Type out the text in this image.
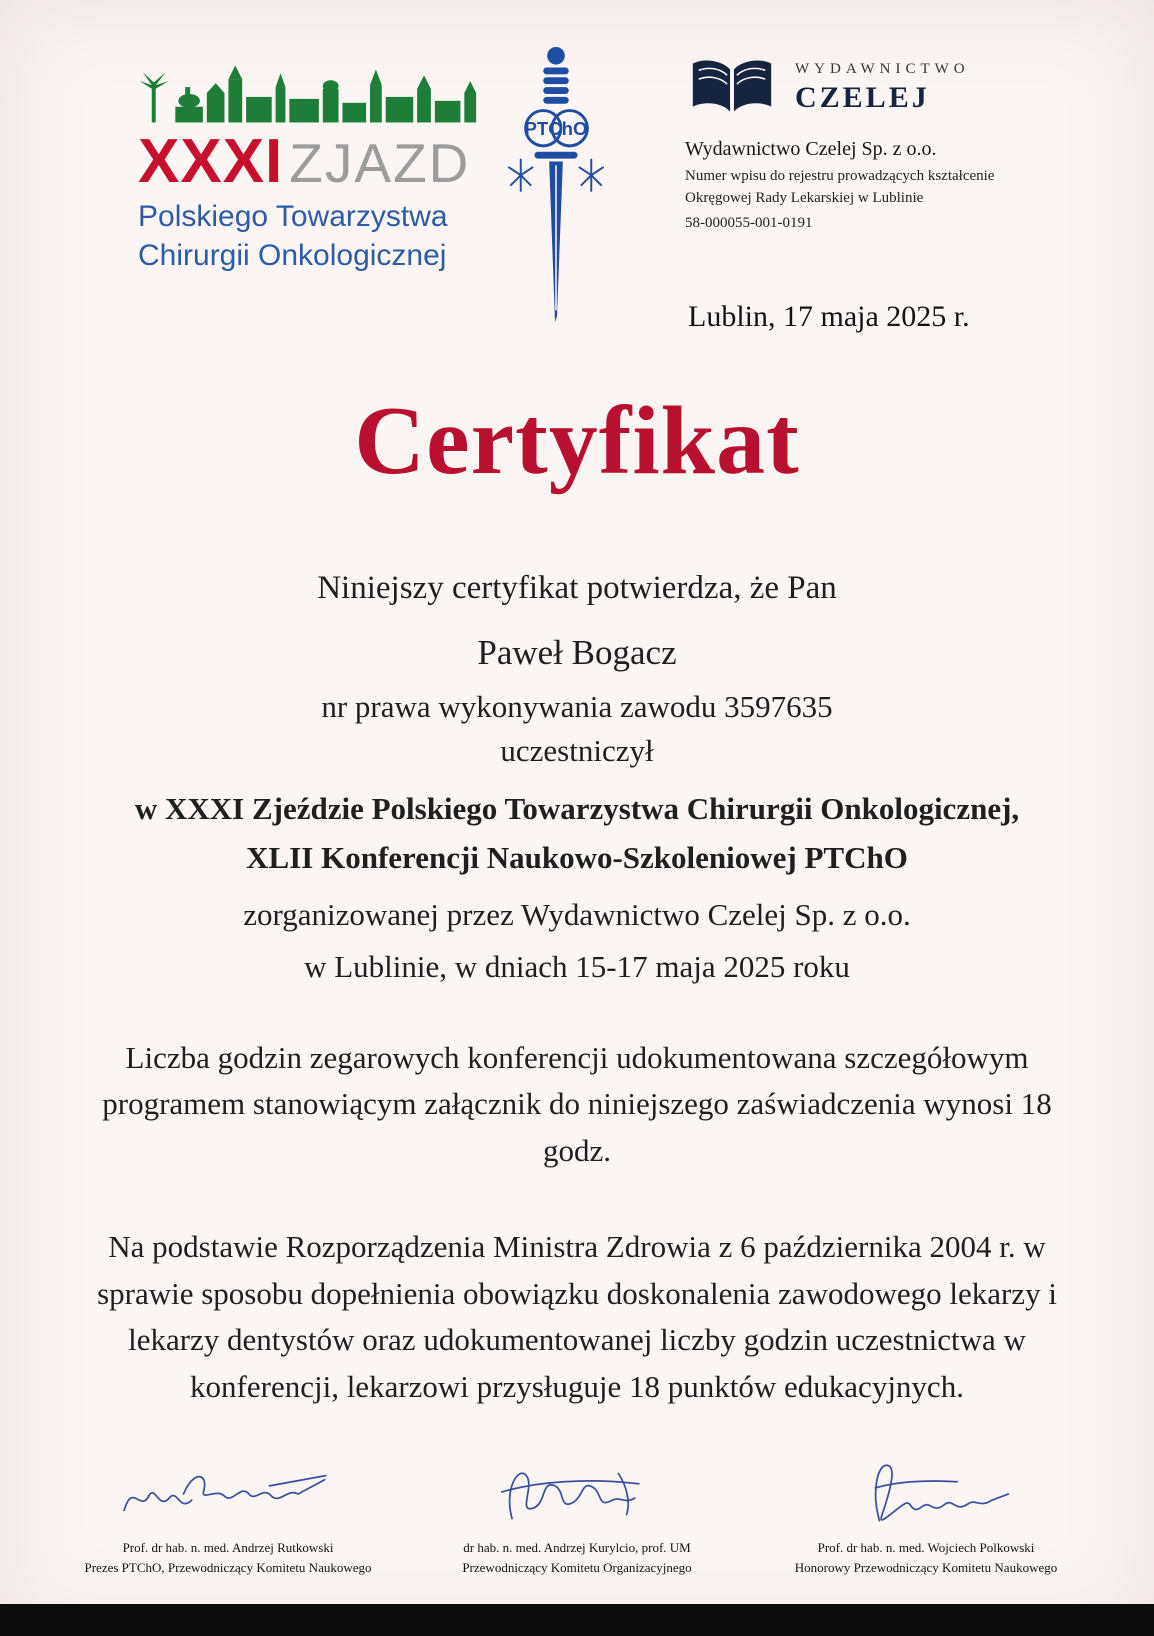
XXXI ZJAZD
Polskiego Towarzystwa
Chirurgii Onkologicznej
PTChO
WYDAWNICTWO
CZELEJ
Wydawnictwo Czelej Sp. z o.o.
Numer wpisu do rejestru prowadzących kształcenie
Okręgowej Rady Lekarskiej w Lublinie
58-000055-001-0191
Lublin, 17 maja 2025 r.
Certyfikat

Niniejszy certyfikat potwierdza, że Pan

Paweł Bogacz

nr prawa wykonywania zawodu 3597635

uczestniczył

w XXXI Zjeździe Polskiego Towarzystwa Chirurgii Onkologicznej,

XLII Konferencji Naukowo-Szkoleniowej PTChO

zorganizowanej przez Wydawnictwo Czelej Sp. z o.o.

w Lublinie, w dniach 15-17 maja 2025 roku

Liczba godzin zegarowych konferencji udokumentowana szczegółowym programem stanowiącym załącznik do niniejszego zaświadczenia wynosi 18 godz.

Na podstawie Rozporządzenia Ministra Zdrowia z 6 października 2004 r. w sprawie sposobu dopełnienia obowiązku doskonalenia zawodowego lekarzy i lekarzy dentystów oraz udokumentowanej liczby godzin uczestnictwa w konferencji, lekarzowi przysługuje 18 punktów edukacyjnych.

Prof. dr hab. n. med. Andrzej Rutkowski
Prezes PTChO, Przewodniczący Komitetu Naukowego
dr hab. n. med. Andrzej Kurylcio, prof. UM
Przewodniczący Komitetu Organizacyjnego
Prof. dr hab. n. med. Wojciech Polkowski
Honorowy Przewodniczący Komitetu Naukowego
